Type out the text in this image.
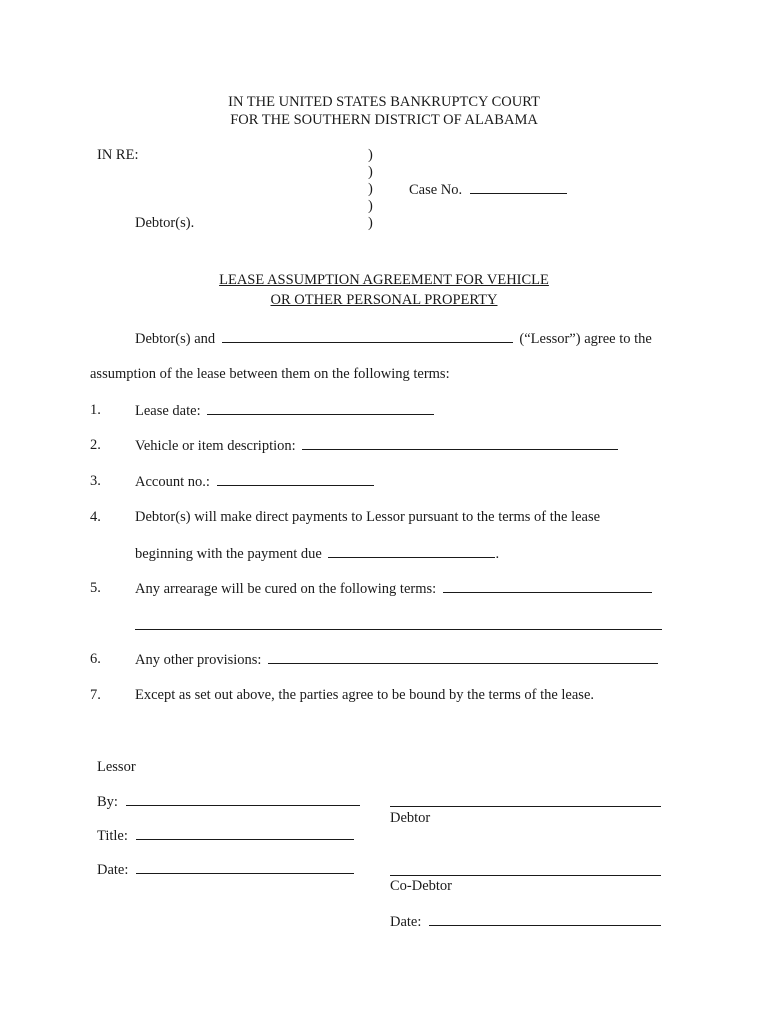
IN THE UNITED STATES BANKRUPTCY COURT
FOR THE SOUTHERN DISTRICT OF ALABAMA
IN RE:
Debtor(s).
)
)
)
)
)
Case No.
LEASE ASSUMPTION AGREEMENT FOR VEHICLE
OR OTHER PERSONAL PROPERTY
Debtor(s) and	(“Lessor”) agree to the
assumption of the lease between them on the following terms:
1. Lease date:
2. Vehicle or item description:
3. Account no.:
4. Debtor(s) will make direct payments to Lessor pursuant to the terms of the lease
beginning with the payment due	.
5. Any arrearage will be cured on the following terms:
6. Any other provisions:
7. Except as set out above, the parties agree to be bound by the terms of the lease.
Lessor
By:
Title:
Date:
Debtor
Co-Debtor
Date:
